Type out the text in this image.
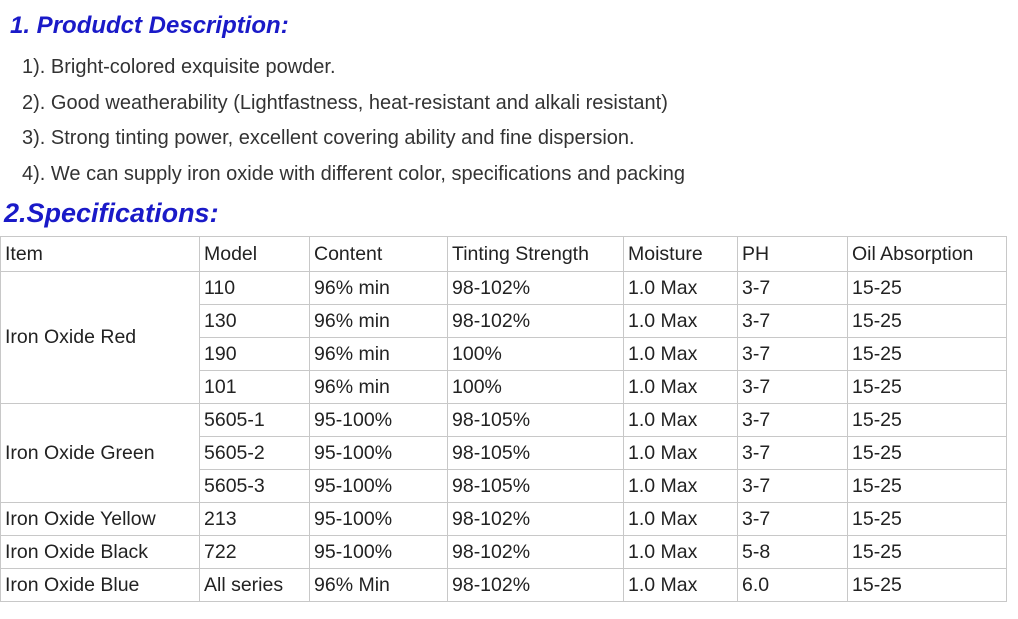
1. Produdct Description:
1). Bright-colored exquisite powder.
2). Good weatherability (Lightfastness, heat-resistant and alkali resistant)
3). Strong tinting power, excellent covering ability and fine dispersion.
4). We can supply iron oxide with different color, specifications and packing
2.Specifications:
Item	Model	Content	Tinting Strength	Moisture	PH	Oil Absorption
Iron Oxide Red	110	96% min	98-102%	1.0 Max	3-7	15-25
	130	96% min	98-102%	1.0 Max	3-7	15-25
	190	96% min	100%	1.0 Max	3-7	15-25
	101	96% min	100%	1.0 Max	3-7	15-25
Iron Oxide Green	5605-1	95-100%	98-105%	1.0 Max	3-7	15-25
	5605-2	95-100%	98-105%	1.0 Max	3-7	15-25
	5605-3	95-100%	98-105%	1.0 Max	3-7	15-25
Iron Oxide Yellow	213	95-100%	98-102%	1.0 Max	3-7	15-25
Iron Oxide Black	722	95-100%	98-102%	1.0 Max	5-8	15-25
Iron Oxide Blue	All series	96% Min	98-102%	1.0 Max	6.0	15-25
